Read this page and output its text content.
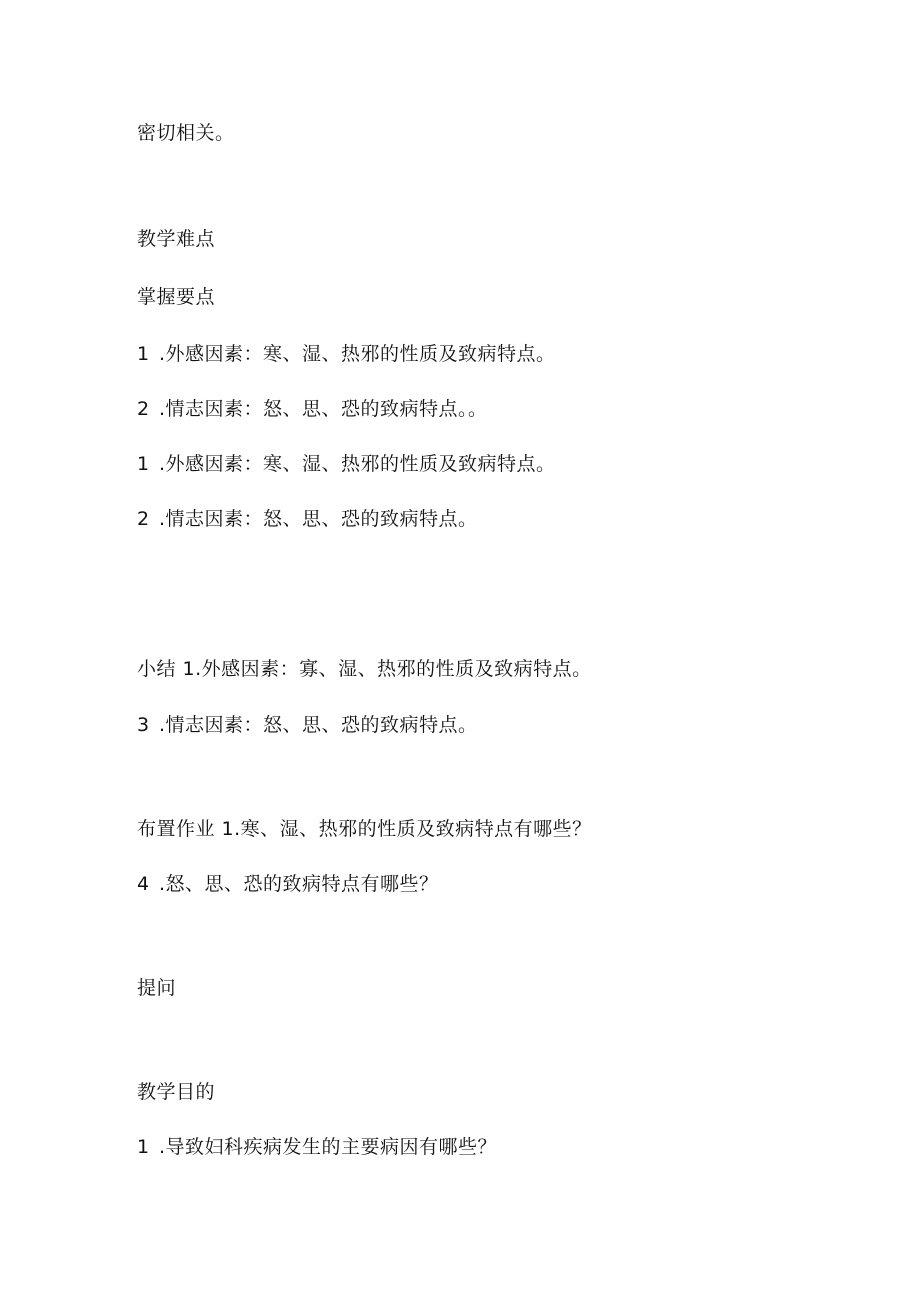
密切相关。
教学难点
掌握要点
1 .外感因素：寒、湿、热邪的性质及致病特点。
2 .情志因素：怒、思、恐的致病特点。。
1 .外感因素：寒、湿、热邪的性质及致病特点。
2 .情志因素：怒、思、恐的致病特点。
小结 1.外感因素：寡、湿、热邪的性质及致病特点。
3 .情志因素：怒、思、恐的致病特点。
布置作业 1.寒、湿、热邪的性质及致病特点有哪些？
4 .怒、思、恐的致病特点有哪些？
提问
教学目的
1 .导致妇科疾病发生的主要病因有哪些？
